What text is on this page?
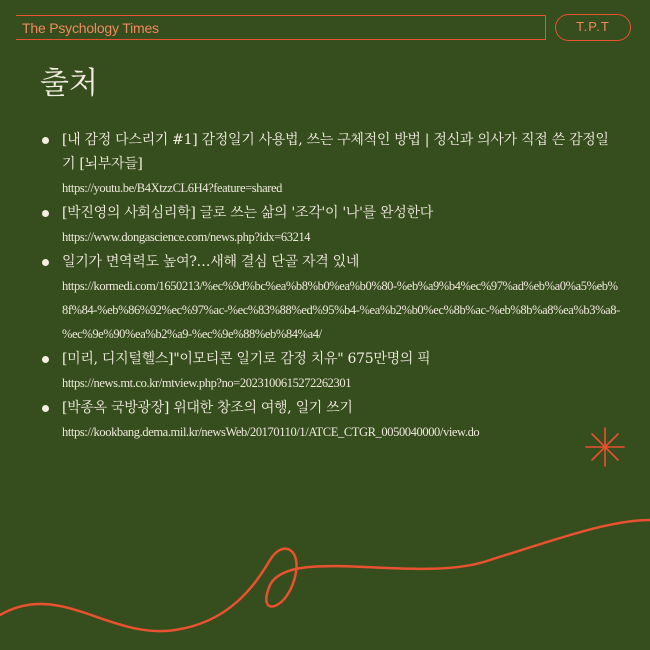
The Psychology Times	T.P.T
출처
[내 감정 다스리기 #1] 감정일기 사용법, 쓰는 구체적인 방법 | 정신과 의사가 직접 쓴 감정일기 [뇌부자들]
https://youtu.be/B4XtzzCL6H4?feature=shared
[박진영의 사회심리학] 글로 쓰는 삶의 '조각'이 '나'를 완성한다
https://www.dongascience.com/news.php?idx=63214
일기가 면역력도 높여?…새해 결심 단골 자격 있네
https://kormedi.com/1650213/%ec%9d%bc%ea%b8%b0%ea%b0%80-%eb%a9%b4%ec%97%ad%eb%a0%a5%eb%8f%84-%eb%86%92%ec%97%ac-%ec%83%88%ed%95%b4-%ea%b2%b0%ec%8b%ac-%eb%8b%a8%ea%b3%a8-%ec%9e%90%ea%b2%a9-%ec%9e%88%eb%84%a4/
[미리, 디지털헬스]"이모티콘 일기로 감정 치유" 675만명의 픽
https://news.mt.co.kr/mtview.php?no=2023100615272262301
[박종옥 국방광장] 위대한 창조의 여행, 일기 쓰기
https://kookbang.dema.mil.kr/newsWeb/20170110/1/ATCE_CTGR_0050040000/view.do
